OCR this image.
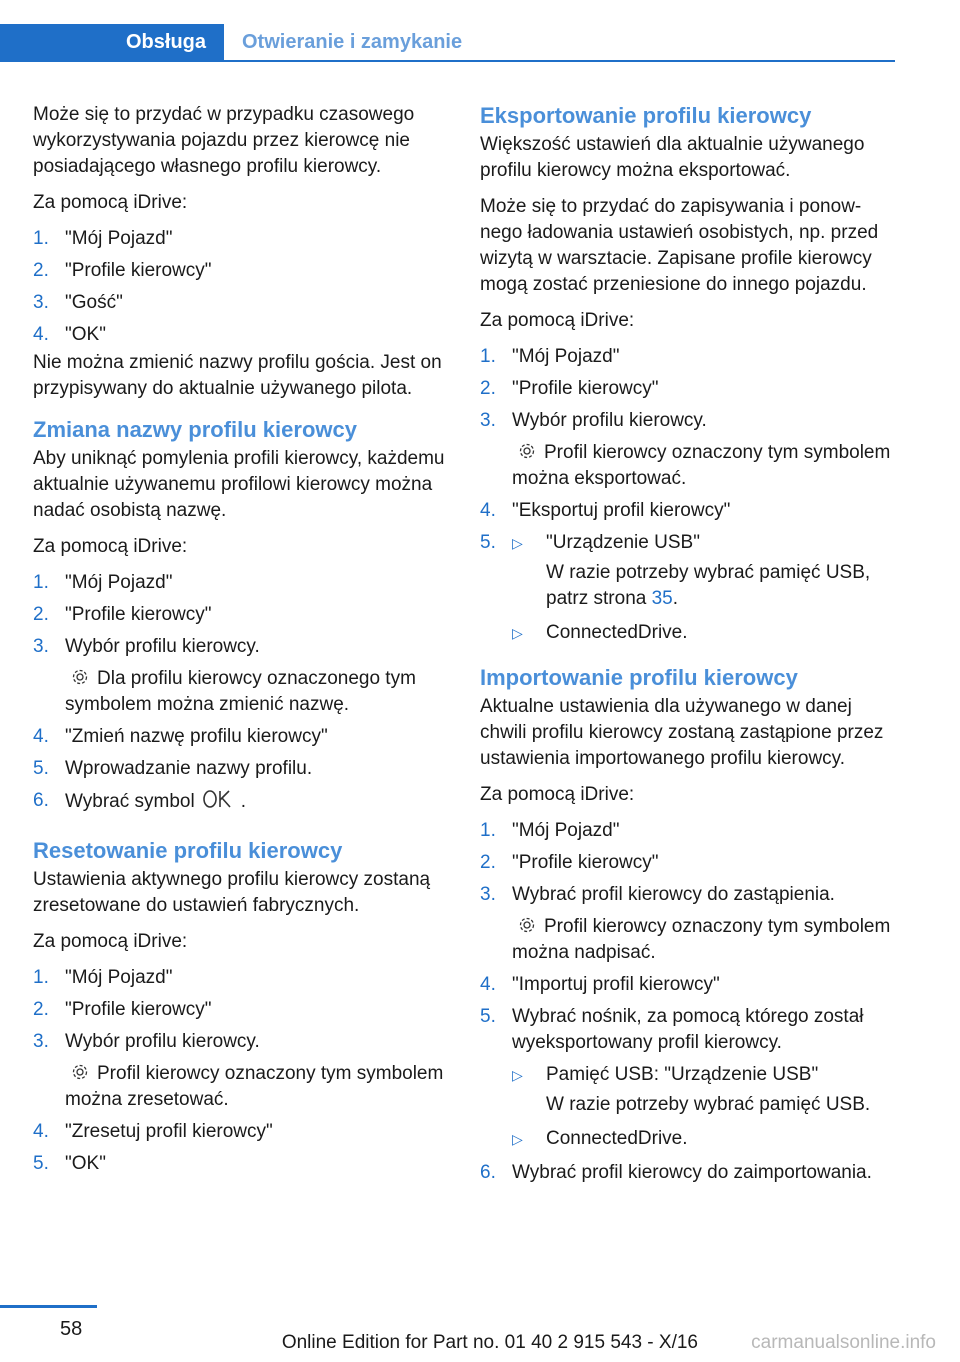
Obsługa	Otwieranie i zamykanie

Może się to przydać w przypadku czasowego wykorzystywania pojazdu przez kierowcę nie posiadającego własnego profilu kierowcy.

Za pomocą iDrive:

1. "Mój Pojazd"
2. "Profile kierowcy"
3. "Gość"
4. "OK"

Nie można zmienić nazwy profilu gościa. Jest on przypisywany do aktualnie używanego pilota.

Zmiana nazwy profilu kierowcy

Aby uniknąć pomylenia profili kierowcy, każdemu aktualnie używanemu profilowi kierowcy można nadać osobistą nazwę.

Za pomocą iDrive:

1. "Mój Pojazd"
2. "Profile kierowcy"
3. Wybór profilu kierowcy.
Dla profilu kierowcy oznaczonego tym symbolem można zmienić nazwę.
4. "Zmień nazwę profilu kierowcy"
5. Wprowadzanie nazwy profilu.
6. Wybrać symbol .
Resetowanie profilu kierowcy

Ustawienia aktywnego profilu kierowcy zostaną zresetowane do ustawień fabrycznych.

Za pomocą iDrive:

1. "Mój Pojazd"
2. "Profile kierowcy"
3. Wybór profilu kierowcy.
Profil kierowcy oznaczony tym symbolem można zresetować.
4. "Zresetuj profil kierowcy"
5. "OK"
Eksportowanie profilu kierowcy

Większość ustawień dla aktualnie używanego profilu kierowcy można eksportować.

Może się to przydać do zapisywania i ponownego ładowania ustawień osobistych, np. przed wizytą w warsztacie. Zapisane profile kierowcy mogą zostać przeniesione do innego pojazdu.

Za pomocą iDrive:

1. "Mój Pojazd"
2. "Profile kierowcy"
3. Wybór profilu kierowcy.
Profil kierowcy oznaczony tym symbolem można eksportować.
4. "Eksportuj profil kierowcy"
5. ▷ "Urządzenie USB"
W razie potrzeby wybrać pamięć USB, patrz strona 35.
▷ ConnectedDrive.
Importowanie profilu kierowcy

Aktualne ustawienia dla używanego w danej chwili profilu kierowcy zostaną zastąpione przez ustawienia importowanego profilu kierowcy.

Za pomocą iDrive:

1. "Mój Pojazd"
2. "Profile kierowcy"
3. Wybrać profil kierowcy do zastąpienia.
Profil kierowcy oznaczony tym symbolem można nadpisać.
4. "Importuj profil kierowcy"
5. Wybrać nośnik, za pomocą którego został wyeksportowany profil kierowcy.
▷ Pamięć USB: "Urządzenie USB"
W razie potrzeby wybrać pamięć USB.
▷ ConnectedDrive.
6. Wybrać profil kierowcy do zaimportowania.
58
Online Edition for Part no. 01 40 2 915 543 - X/16	carmanualsonline.info
